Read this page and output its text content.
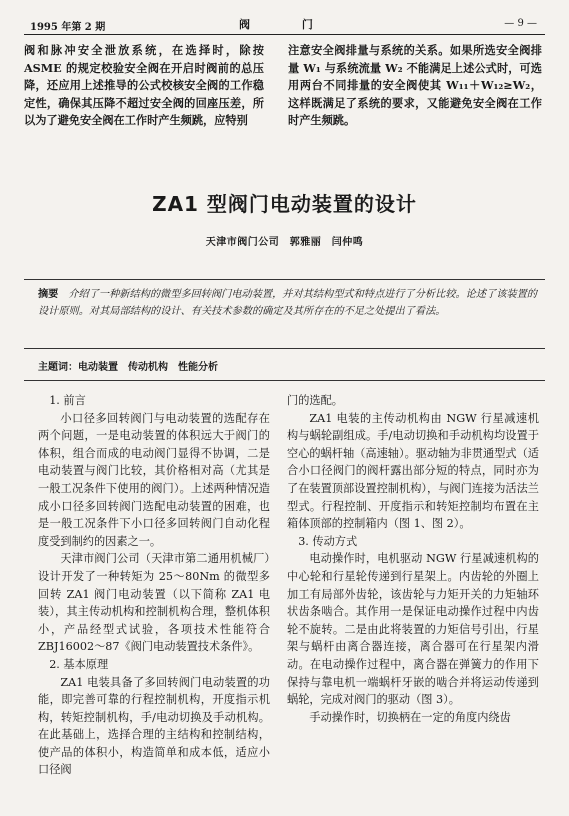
1995 年第 2 期	阀 门	— 9 —

阀和脉冲安全泄放系统，在选择时，除按 ASME 的规定校验安全阀在开启时阀前的总压降，还应用上述推导的公式校核安全阀的工作稳定性，确保其压降不超过安全阀的回座压差，所以为了避免安全阀在工作时产生频跳，应特别

注意安全阀排量与系统的关系。如果所选安全阀排量 W₁ 与系统流量 W₂ 不能满足上述公式时，可选用两台不同排量的安全阀使其 W₁₁＋W₁₂≥W₂，这样既满足了系统的要求，又能避免安全阀在工作时产生频跳。

ZA1 型阀门电动装置的设计
天津市阀门公司　郭雅丽　闫仲鸣
摘要 介绍了一种新结构的微型多回转阀门电动装置，并对其结构型式和特点进行了分析比较。论述了该装置的设计原则。对其局部结构的设计、有关技术参数的确定及其所存在的不足之处提出了看法。
主题词：电动装置　传动机构　性能分析

1. 前言

小口径多回转阀门与电动装置的选配存在两个问题，一是电动装置的体积远大于阀门的体积，组合而成的电动阀门显得不协调，二是电动装置与阀门比较，其价格相对高（尤其是一般工况条件下使用的阀门）。上述两种情况造成小口径多回转阀门选配电动装置的困难，也是一般工况条件下小口径多回转阀门自动化程度受到制约的因素之一。

天津市阀门公司（天津市第二通用机械厂）设计开发了一种转矩为 25～80Nm 的微型多回转 ZA1 阀门电动装置（以下简称 ZA1 电装），其主传动机构和控制机构合理，整机体积小，产品经型式试验，各项技术性能符合 ZBJ16002～87《阀门电动装置技术条件》。

2. 基本原理

ZA1 电装具备了多回转阀门电动装置的功能，即完善可靠的行程控制机构，开度指示机构，转矩控制机构，手/电动切换及手动机构。在此基础上，选择合理的主结构和控制结构，使产品的体积小，构造简单和成本低，适应小口径阀

门的选配。

ZA1 电装的主传动机构由 NGW 行星减速机构与蜗轮副组成。手/电动切换和手动机构均设置于空心的蜗杆轴（高速轴）。驱动轴为非贯通型式（适合小口径阀门的阀杆露出部分短的特点，同时亦为了在装置顶部设置控制机构），与阀门连接为活法兰型式。行程控制、开度指示和转矩控制均布置在主箱体顶部的控制箱内（图 1、图 2）。

3. 传动方式

电动操作时，电机驱动 NGW 行星减速机构的中心轮和行星轮传递到行星架上。内齿轮的外圈上加工有局部外齿轮，该齿轮与力矩开关的力矩轴环状齿条啮合。其作用一是保证电动操作过程中内齿轮不旋转。二是由此将装置的力矩信号引出，行星架与蜗杆由离合器连接，离合器可在行星架内滑动。在电动操作过程中，离合器在弹簧力的作用下保持与靠电机一端蜗杆牙嵌的啮合并将运动传递到蜗轮，完成对阀门的驱动（图 3）。

手动操作时，切换柄在一定的角度内绕齿
